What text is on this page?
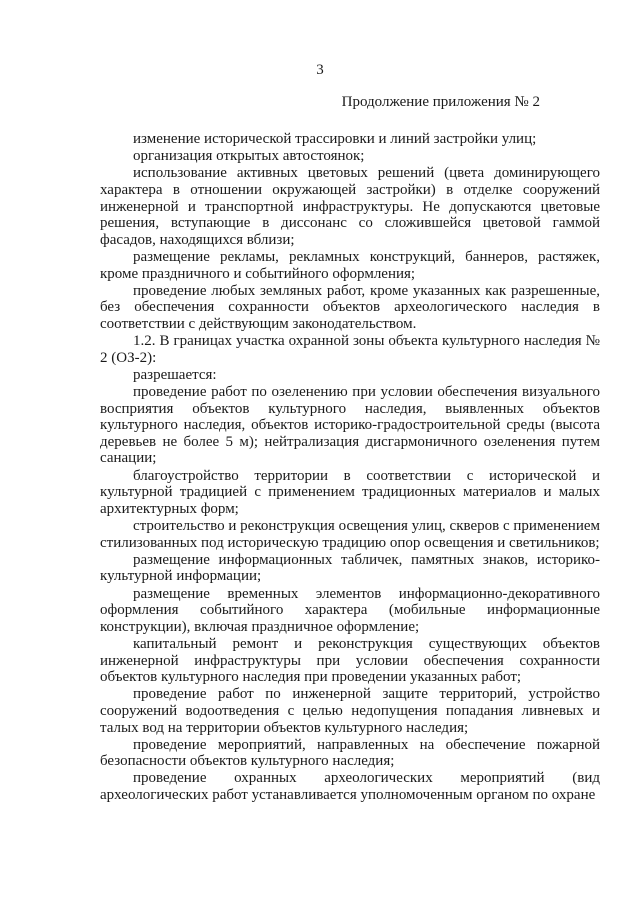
3
Продолжение приложения № 2

изменение исторической трассировки и линий застройки улиц;

организация открытых автостоянок;

использование активных цветовых решений (цвета доминирующего характера в отношении окружающей застройки) в отделке сооружений инженерной и транспортной инфраструктуры. Не допускаются цветовые решения, вступающие в диссонанс со сложившейся цветовой гаммой фасадов, находящихся вблизи;

размещение рекламы, рекламных конструкций, баннеров, растяжек, кроме праздничного и событийного оформления;

проведение любых земляных работ, кроме указанных как разрешенные, без обеспечения сохранности объектов археологического наследия в соответствии с действующим законодательством.

1.2. В границах участка охранной зоны объекта культурного наследия № 2 (ОЗ-2):

разрешается:

проведение работ по озеленению при условии обеспечения визуального восприятия объектов культурного наследия, выявленных объектов культурного наследия, объектов историко-градостроительной среды (высота деревьев не более 5 м); нейтрализация дисгармоничного озеленения путем санации;

благоустройство территории в соответствии с исторической и культурной традицией с применением традиционных материалов и малых архитектурных форм;

строительство и реконструкция освещения улиц, скверов с применением стилизованных под историческую традицию опор освещения и светильников;

размещение информационных табличек, памятных знаков, историко-культурной информации;

размещение временных элементов информационно-декоративного оформления событийного характера (мобильные информационные конструкции), включая праздничное оформление;

капитальный ремонт и реконструкция существующих объектов инженерной инфраструктуры при условии обеспечения сохранности объектов культурного наследия при проведении указанных работ;

проведение работ по инженерной защите территорий, устройство сооружений водоотведения с целью недопущения попадания ливневых и талых вод на территории объектов культурного наследия;

проведение мероприятий, направленных на обеспечение пожарной безопасности объектов культурного наследия;

проведение охранных археологических мероприятий (вид археологических работ устанавливается уполномоченным органом по охране
